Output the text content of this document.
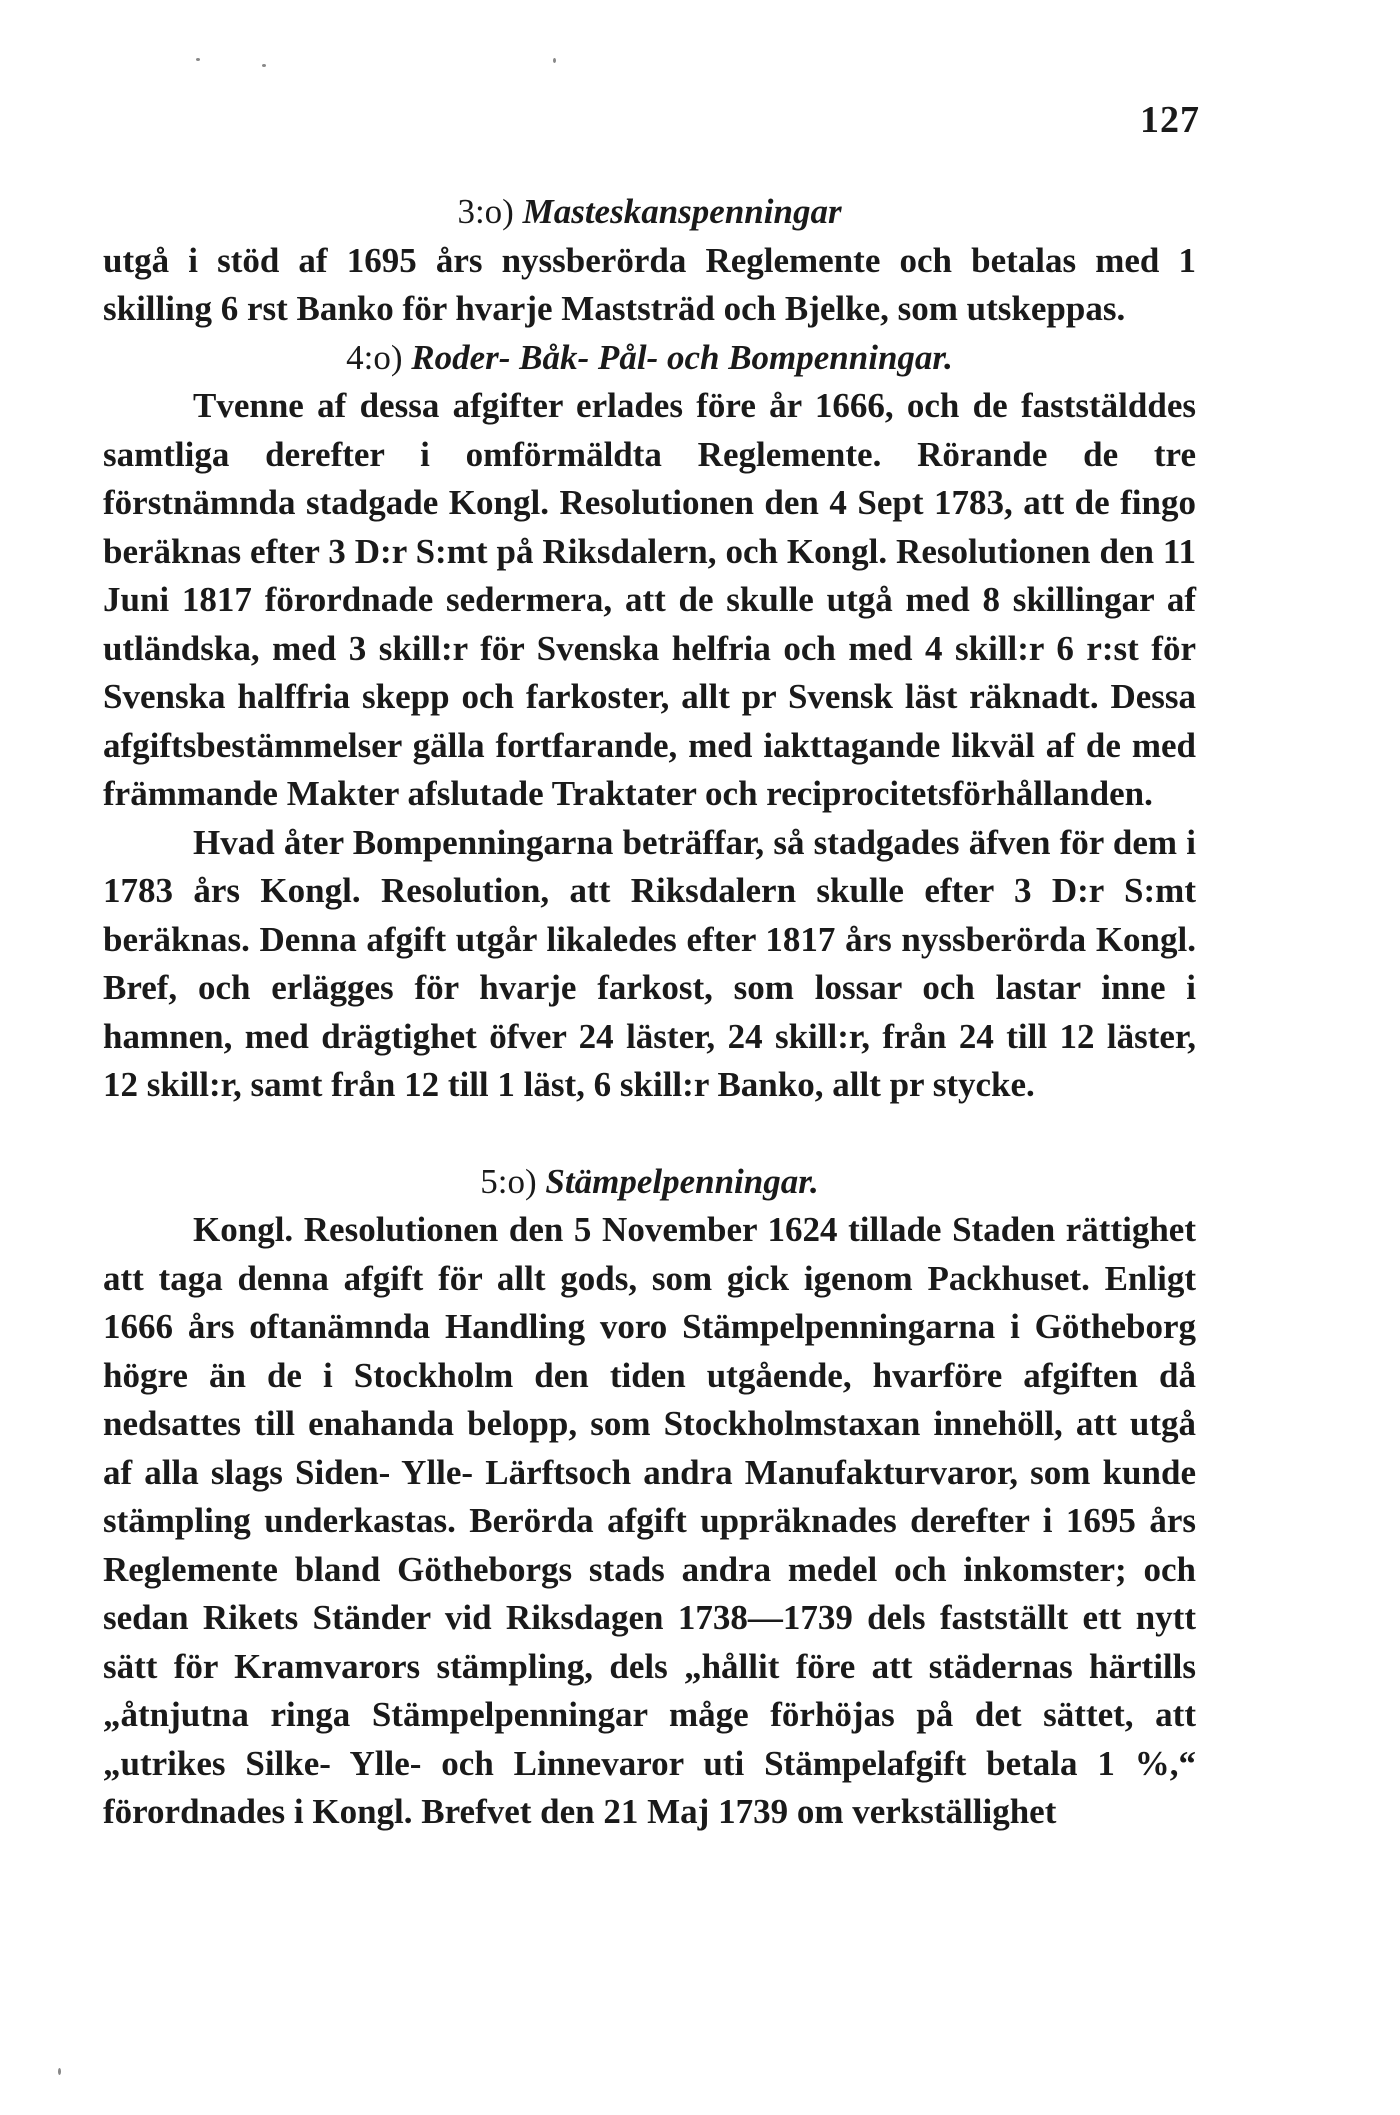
127

3:o) Masteskanspenningar

utgå i stöd af 1695 års nyssberörda Reglemente och betalas med 1 skilling 6 rst Banko för hvarje Maststräd och Bjelke, som utskeppas.

4:o) Roder- Båk- Pål- och Bompenningar.

Tvenne af dessa afgifter erlades före år 1666, och de faststälddes samtliga derefter i omförmäldta Reglemente. Rörande de tre förstnämnda stadgade Kongl. Resolutionen den 4 Sept 1783, att de fingo beräknas efter 3 D:r S:mt på Riksdalern, och Kongl. Resolutionen den 11 Juni 1817 förordnade sedermera, att de skulle utgå med 8 skillingar af utländska, med 3 skill:r för Svenska helfria och med 4 skill:r 6 r:st för Svenska halffria skepp och farkoster, allt pr Svensk läst räknadt. Dessa afgiftsbestämmelser gälla fortfarande, med iakttagande likväl af de med främmande Makter afslutade Traktater och reciprocitetsförhållanden.

Hvad åter Bompenningarna beträffar, så stadgades äfven för dem i 1783 års Kongl. Resolution, att Riksdalern skulle efter 3 D:r S:mt beräknas. Denna afgift utgår likaledes efter 1817 års nyssberörda Kongl. Bref, och erlägges för hvarje farkost, som lossar och lastar inne i hamnen, med drägtighet öfver 24 läster, 24 skill:r, från 24 till 12 läster, 12 skill:r, samt från 12 till 1 läst, 6 skill:r Banko, allt pr stycke.

5:o) Stämpelpenningar.

Kongl. Resolutionen den 5 November 1624 tillade Staden rättighet att taga denna afgift för allt gods, som gick igenom Packhuset. Enligt 1666 års oftanämnda Handling voro Stämpelpenningarna i Götheborg högre än de i Stockholm den tiden utgående, hvarföre afgiften då nedsattes till enahanda belopp, som Stockholmstaxan innehöll, att utgå af alla slags Siden- Ylle- Lärftsoch andra Manufakturvaror, som kunde stämpling underkastas. Berörda afgift uppräknades derefter i 1695 års Reglemente bland Götheborgs stads andra medel och inkomster; och sedan Rikets Ständer vid Riksdagen 1738—1739 dels fastställt ett nytt sätt för Kramvarors stämpling, dels „hållit före att städernas härtills „åtnjutna ringa Stämpelpenningar måge förhöjas på det sättet, att „utrikes Silke- Ylle- och Linnevaror uti Stämpelafgift betala 1 %,“ förordnades i Kongl. Brefvet den 21 Maj 1739 om verkställighet
